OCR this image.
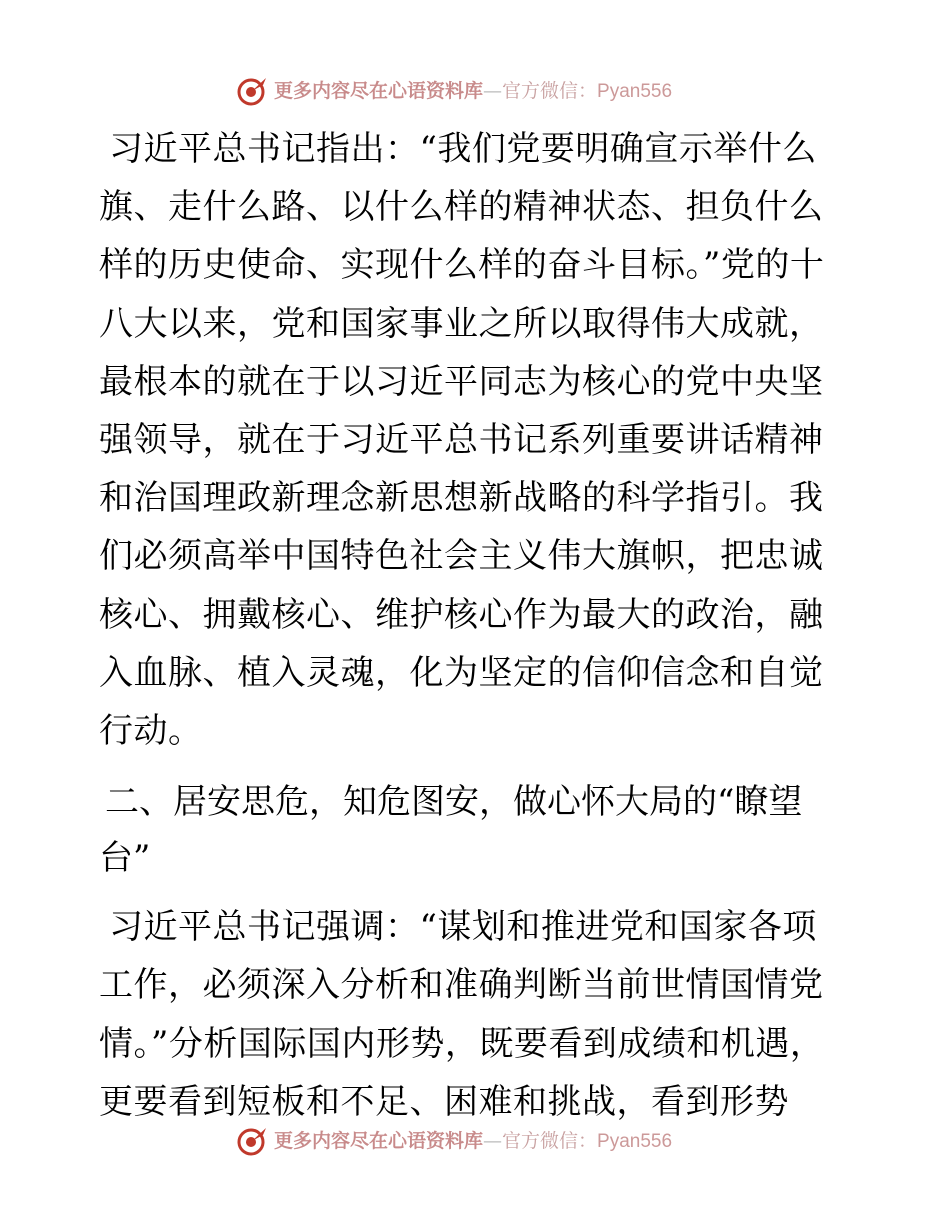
更多内容尽在心语资料库—官方微信：Pyan556

习近平总书记指出：“我们党要明确宣示举什么旗、走什么路、以什么样的精神状态、担负什么样的历史使命、实现什么样的奋斗目标。”党的十八大以来，党和国家事业之所以取得伟大成就，最根本的就在于以习近平同志为核心的党中央坚强领导，就在于习近平总书记系列重要讲话精神和治国理政新理念新思想新战略的科学指引。我们必须高举中国特色社会主义伟大旗帜，把忠诚核心、拥戴核心、维护核心作为最大的政治，融入血脉、植入灵魂，化为坚定的信仰信念和自觉行动。

二、居安思危，知危图安，做心怀大局的“瞭望台”

习近平总书记强调：“谋划和推进党和国家各项工作，必须深入分析和准确判断当前世情国情党情。”分析国际国内形势，既要看到成绩和机遇，更要看到短板和不足、困难和挑战，看到形势

更多内容尽在心语资料库—官方微信：Pyan556
